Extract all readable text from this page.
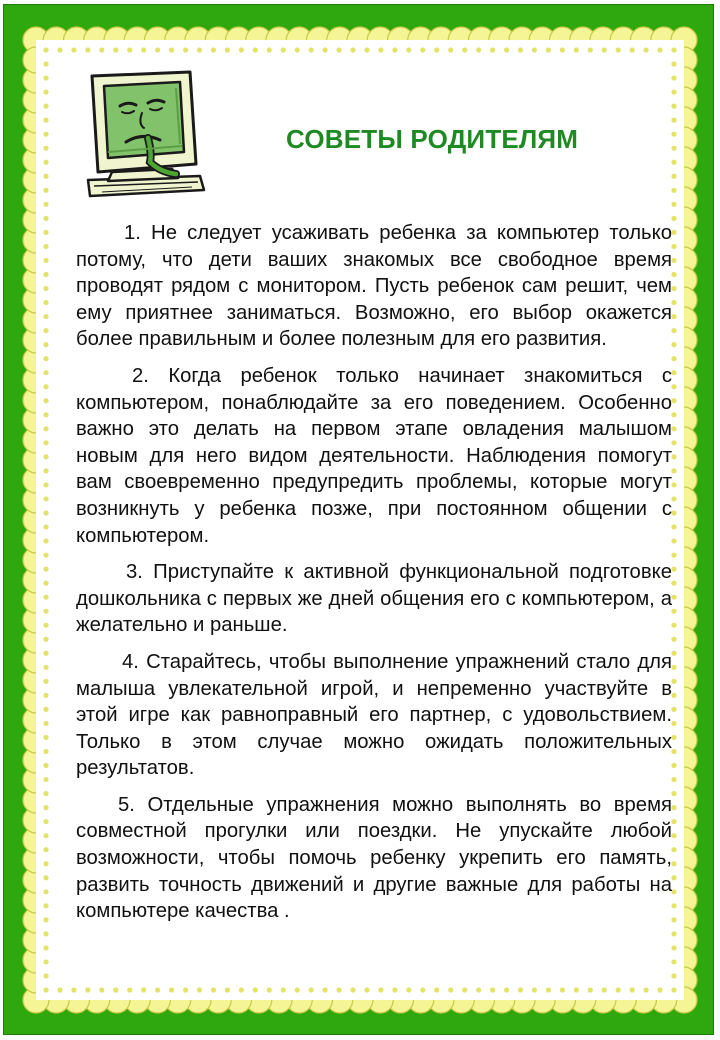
СОВЕТЫ РОДИТЕЛЯМ

1. Не следует усаживать ребенка за компьютер только потому, что дети ваших знакомых все свободное время проводят рядом с монитором. Пусть ребенок сам решит, чем ему приятнее заниматься. Возможно, его выбор окажется более правильным и более полезным для его развития.

2. Когда ребенок только начинает знакомиться с компьютером, понаблюдайте за его поведением. Особенно важно это делать на первом этапе овладения малышом новым для него видом деятельности. Наблюдения помогут вам своевременно предупредить проблемы, которые могут возникнуть у ребенка позже, при постоянном общении с компьютером.

3. Приступайте к активной функциональной подготовке дошкольника с первых же дней общения его с компьютером, а желательно и раньше.

4. Старайтесь, чтобы выполнение упражнений стало для малыша увлекательной игрой, и непременно участвуйте в этой игре как равноправный его партнер, с удовольствием. Только в этом случае можно ожидать положительных результатов.

5. Отдельные упражнения можно выполнять во время совместной прогулки или поездки. Не упускайте любой возможности, чтобы помочь ребенку укрепить его память, развить точность движений и другие важные для работы на компьютере качества .
